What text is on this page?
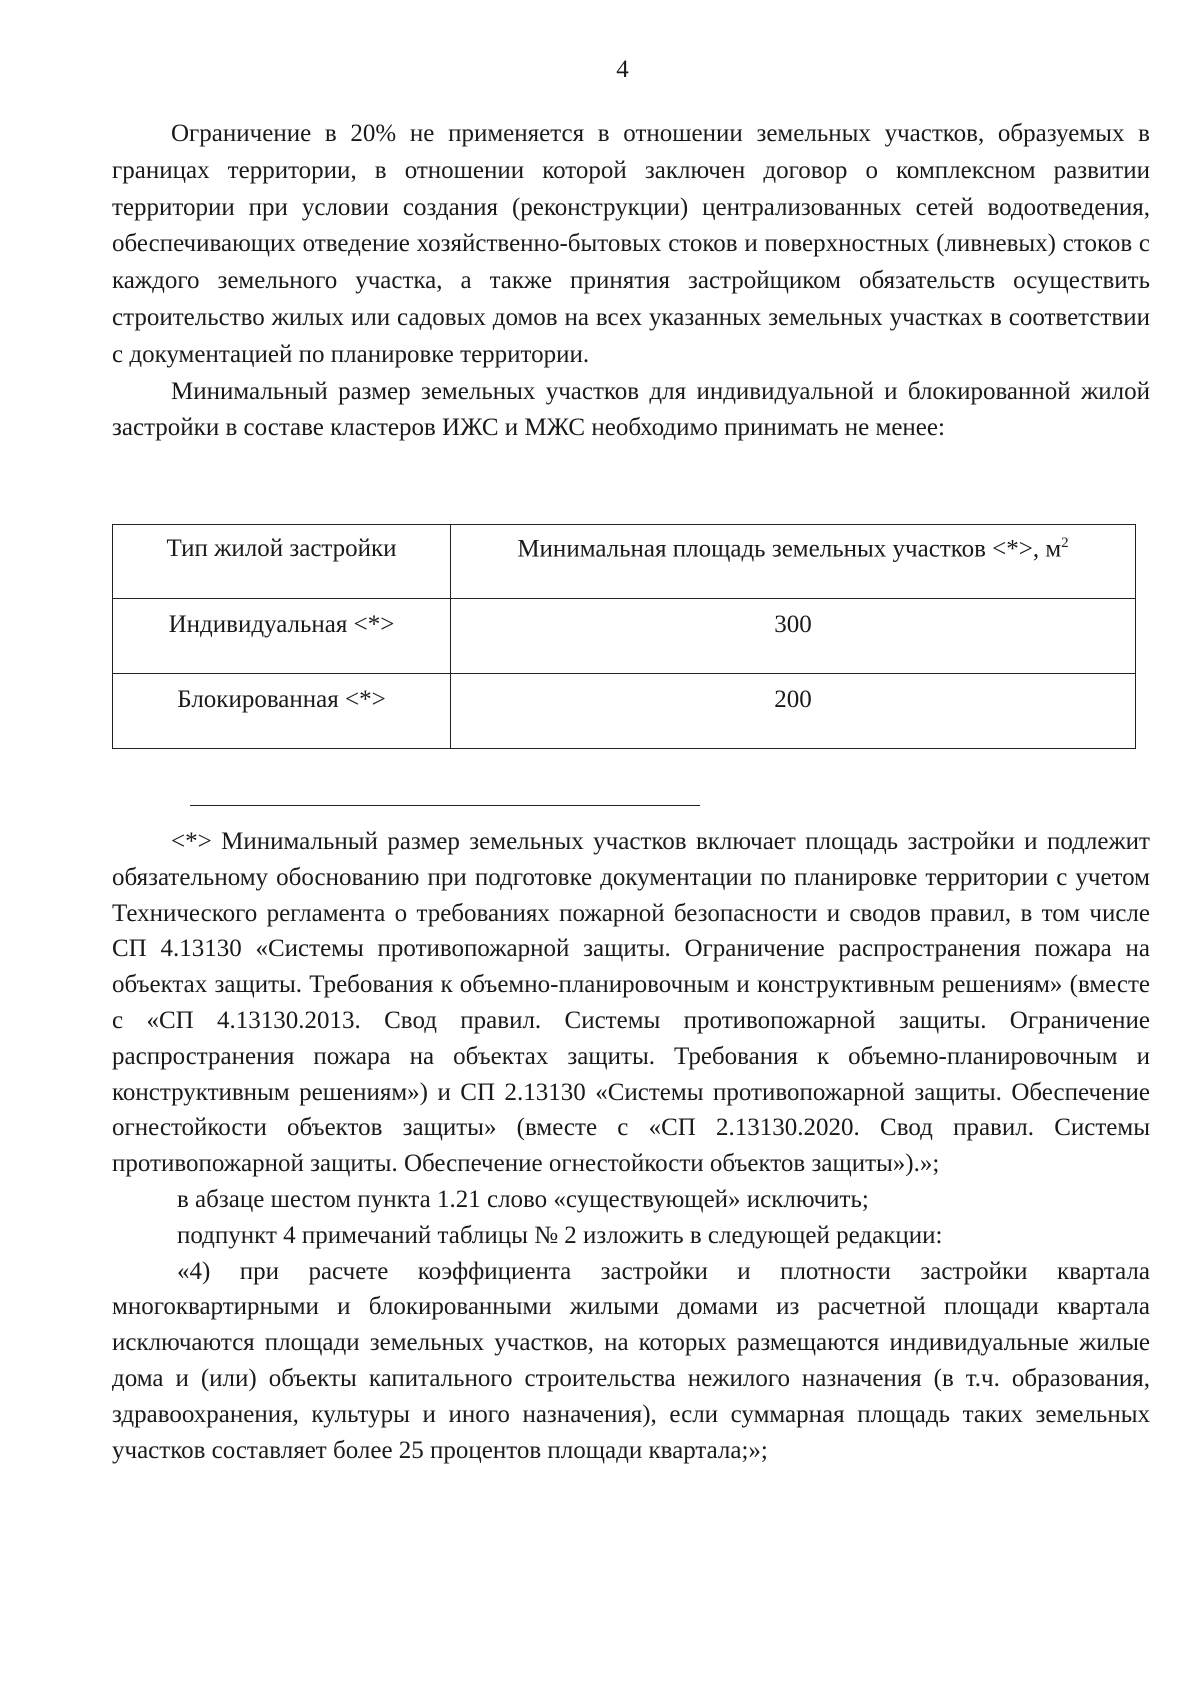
4

Ограничение в 20% не применяется в отношении земельных участков, образуемых в границах территории, в отношении которой заключен договор о комплексном развитии территории при условии создания (реконструкции) централизованных сетей водоотведения, обеспечивающих отведение хозяйственно-бытовых стоков и поверхностных (ливневых) стоков с каждого земельного участка, а также принятия застройщиком обязательств осуществить строительство жилых или садовых домов на всех указанных земельных участках в соответствии с документацией по планировке территории.

Минимальный размер земельных участков для индивидуальной и блокированной жилой застройки в составе кластеров ИЖС и МЖС необходимо принимать не менее:

Тип жилой застройки	Минимальная площадь земельных участков <*>, $м^2$
Индивидуальная <*>	300
Блокированная <*>	200

<*> Минимальный размер земельных участков включает площадь застройки и подлежит обязательному обоснованию при подготовке документации по планировке территории с учетом Технического регламента о требованиях пожарной безопасности и сводов правил, в том числе СП 4.13130 «Системы противопожарной защиты. Ограничение распространения пожара на объектах защиты. Требования к объемно-планировочным и конструктивным решениям» (вместе с «СП 4.13130.2013. Свод правил. Системы противопожарной защиты. Ограничение распространения пожара на объектах защиты. Требования к объемно-планировочным и конструктивным решениям») и СП 2.13130 «Системы противопожарной защиты. Обеспечение огнестойкости объектов защиты» (вместе с «СП 2.13130.2020. Свод правил. Системы противопожарной защиты. Обеспечение огнестойкости объектов защиты»).»;

в абзаце шестом пункта 1.21 слово «существующей» исключить;

подпункт 4 примечаний таблицы № 2 изложить в следующей редакции:

«4) при расчете коэффициента застройки и плотности застройки квартала многоквартирными и блокированными жилыми домами из расчетной площади квартала исключаются площади земельных участков, на которых размещаются индивидуальные жилые дома и (или) объекты капитального строительства нежилого назначения (в т.ч. образования, здравоохранения, культуры и иного назначения), если суммарная площадь таких земельных участков составляет более 25 процентов площади квартала;»;
